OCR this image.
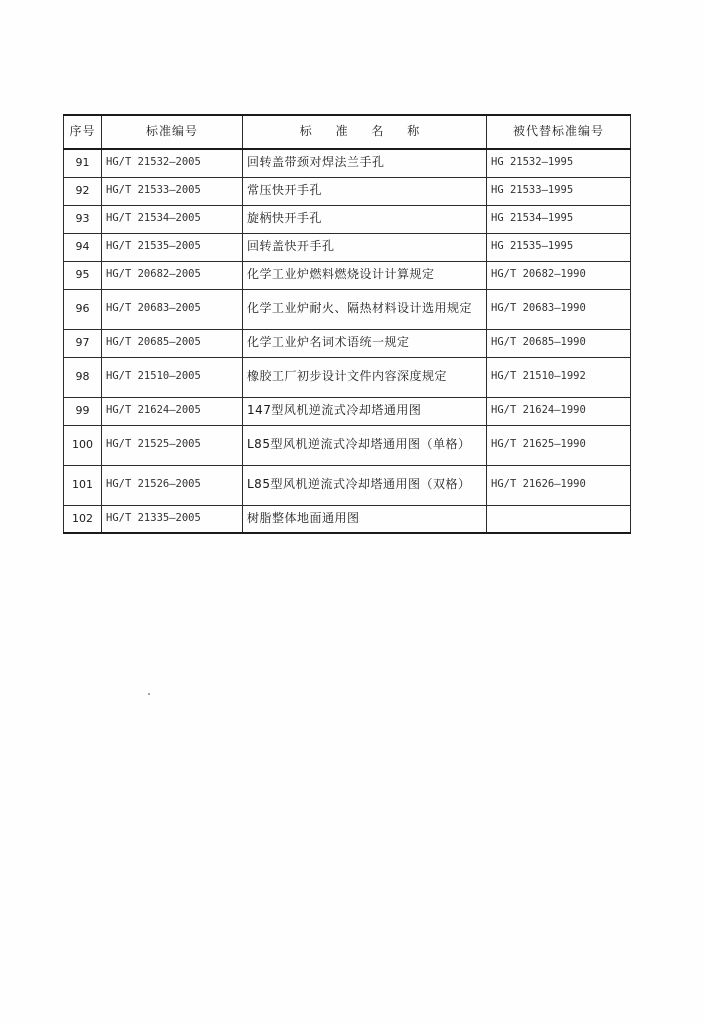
序号	标准编号	标 准 名 称	被代替标准编号
91	HG/T 21532—2005	回转盖带颈对焊法兰手孔	HG 21532—1995
92	HG/T 21533—2005	常压快开手孔	HG 21533—1995
93	HG/T 21534—2005	旋柄快开手孔	HG 21534—1995
94	HG/T 21535—2005	回转盖快开手孔	HG 21535—1995
95	HG/T 20682—2005	化学工业炉燃料燃烧设计计算规定	HG/T 20682—1990
96	HG/T 20683—2005	化学工业炉耐火、隔热材料设计选用规定	HG/T 20683—1990
97	HG/T 20685—2005	化学工业炉名词术语统一规定	HG/T 20685—1990
98	HG/T 21510—2005	橡胶工厂初步设计文件内容深度规定	HG/T 21510—1992
99	HG/T 21624—2005	147型风机逆流式冷却塔通用图	HG/T 21624—1990
100	HG/T 21525—2005	L85型风机逆流式冷却塔通用图（单格）	HG/T 21625—1990
101	HG/T 21526—2005	L85型风机逆流式冷却塔通用图（双格）	HG/T 21626—1990
102	HG/T 21335—2005	树脂整体地面通用图	
